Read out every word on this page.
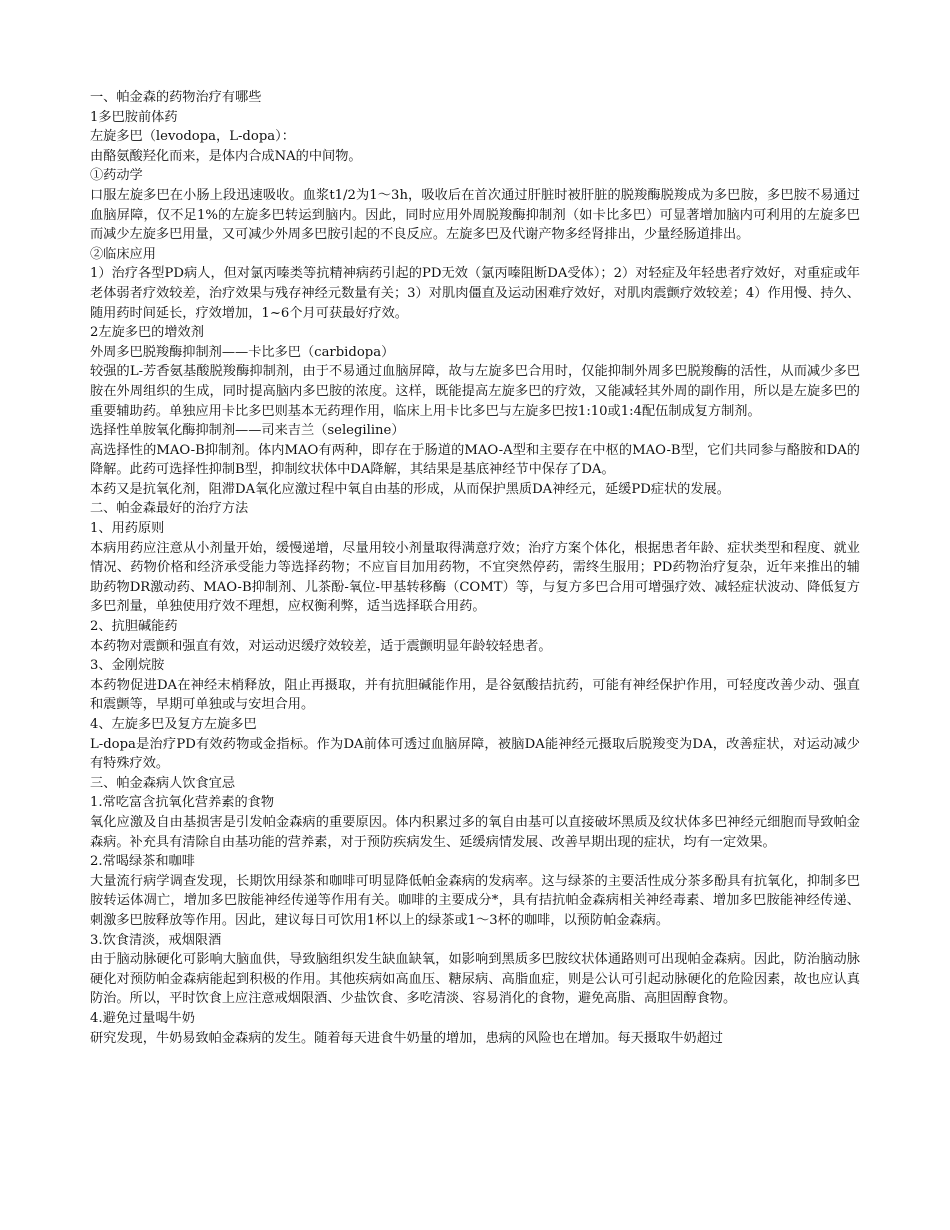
一、帕金森的药物治疗有哪些
1多巴胺前体药
左旋多巴（levodopa，L-dopa）：
由酪氨酸羟化而来，是体内合成NA的中间物。
①药动学
口服左旋多巴在小肠上段迅速吸收。血浆t1/2为1～3h，吸收后在首次通过肝脏时被肝脏的脱羧酶脱羧成为多巴胺，多巴胺不易通过血脑屏障，仅不足1%的左旋多巴转运到脑内。因此，同时应用外周脱羧酶抑制剂（如卡比多巴）可显著增加脑内可利用的左旋多巴而减少左旋多巴用量，又可减少外周多巴胺引起的不良反应。左旋多巴及代谢产物多经肾排出，少量经肠道排出。
②临床应用
1）治疗各型PD病人，但对氯丙嗪类等抗精神病药引起的PD无效（氯丙嗪阻断DA受体）；2）对轻症及年轻患者疗效好，对重症或年老体弱者疗效较差，治疗效果与残存神经元数量有关；3）对肌肉僵直及运动困难疗效好，对肌肉震颤疗效较差；4）作用慢、持久、随用药时间延长，疗效增加，1~6个月可获最好疗效。
2左旋多巴的增效剂
外周多巴脱羧酶抑制剂——卡比多巴（carbidopa）
较强的L-芳香氨基酸脱羧酶抑制剂，由于不易通过血脑屏障，故与左旋多巴合用时，仅能抑制外周多巴脱羧酶的活性，从而减少多巴胺在外周组织的生成，同时提高脑内多巴胺的浓度。这样，既能提高左旋多巴的疗效，又能减轻其外周的副作用，所以是左旋多巴的重要辅助药。单独应用卡比多巴则基本无药理作用，临床上用卡比多巴与左旋多巴按1:10或1:4配伍制成复方制剂。
选择性单胺氧化酶抑制剂——司来吉兰（selegiline）
高选择性的MAO-B抑制剂。体内MAO有两种，即存在于肠道的MAO-A型和主要存在中枢的MAO-B型，它们共同参与酪胺和DA的降解。此药可选择性抑制B型，抑制纹状体中DA降解，其结果是基底神经节中保存了DA。
本药又是抗氧化剂，阻滞DA氧化应激过程中氧自由基的形成，从而保护黑质DA神经元，延缓PD症状的发展。
二、帕金森最好的治疗方法
1、用药原则
本病用药应注意从小剂量开始，缓慢递增，尽量用较小剂量取得满意疗效；治疗方案个体化，根据患者年龄、症状类型和程度、就业情况、药物价格和经济承受能力等选择药物；不应盲目加用药物，不宜突然停药，需终生服用；PD药物治疗复杂，近年来推出的辅助药物DR激动药、MAO-B抑制剂、儿茶酚-氧位-甲基转移酶（COMT）等，与复方多巴合用可增强疗效、减轻症状波动、降低复方多巴剂量，单独使用疗效不理想，应权衡利弊，适当选择联合用药。
2、抗胆碱能药
本药物对震颤和强直有效，对运动迟缓疗效较差，适于震颤明显年龄较轻患者。
3、金刚烷胺
本药物促进DA在神经末梢释放，阻止再摄取，并有抗胆碱能作用，是谷氨酸拮抗药，可能有神经保护作用，可轻度改善少动、强直和震颤等，早期可单独或与安坦合用。
4、左旋多巴及复方左旋多巴
L-dopa是治疗PD有效药物或金指标。作为DA前体可透过血脑屏障，被脑DA能神经元摄取后脱羧变为DA，改善症状，对运动减少有特殊疗效。
三、帕金森病人饮食宜忌
1.常吃富含抗氧化营养素的食物
氧化应激及自由基损害是引发帕金森病的重要原因。体内积累过多的氧自由基可以直接破坏黑质及纹状体多巴神经元细胞而导致帕金森病。补充具有清除自由基功能的营养素，对于预防疾病发生、延缓病情发展、改善早期出现的症状，均有一定效果。
2.常喝绿茶和咖啡
大量流行病学调查发现，长期饮用绿茶和咖啡可明显降低帕金森病的发病率。这与绿茶的主要活性成分茶多酚具有抗氧化，抑制多巴胺转运体凋亡，增加多巴胺能神经传递等作用有关。咖啡的主要成分*，具有拮抗帕金森病相关神经毒素、增加多巴胺能神经传递、刺激多巴胺释放等作用。因此，建议每日可饮用1杯以上的绿茶或1～3杯的咖啡，以预防帕金森病。
3.饮食清淡，戒烟限酒
由于脑动脉硬化可影响大脑血供，导致脑组织发生缺血缺氧，如影响到黑质多巴胺纹状体通路则可出现帕金森病。因此，防治脑动脉硬化对预防帕金森病能起到积极的作用。其他疾病如高血压、糖尿病、高脂血症，则是公认可引起动脉硬化的危险因素，故也应认真防治。所以，平时饮食上应注意戒烟限酒、少盐饮食、多吃清淡、容易消化的食物，避免高脂、高胆固醇食物。
4.避免过量喝牛奶
研究发现，牛奶易致帕金森病的发生。随着每天进食牛奶量的增加，患病的风险也在增加。每天摄取牛奶超过
